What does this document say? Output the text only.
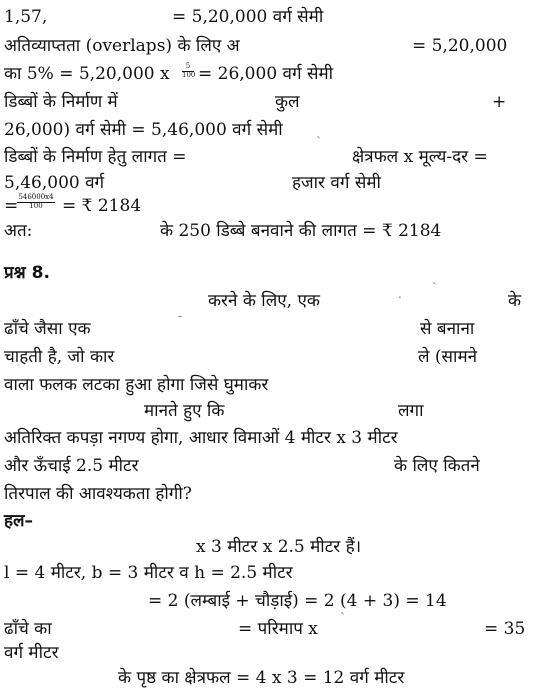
1,57,	= 5,20,000 वर्ग सेमी
अतिव्याप्तता (overlaps) के लिए अ	= 5,20,000
का 5% = 5,20,000 x $\frac{5}{100} = 26,000$ वर्ग सेमी
डिब्बों के निर्माण में	कुल	+
26,000) वर्ग सेमी = 5,46,000 वर्ग सेमी
डिब्बों के निर्माण हेतु लागत =
`
क्षेत्रफल x मूल्य-दर =
5,46,000 वर्ग	हजार वर्ग सेमी
=
$\frac{546000x4}{100}$ = ₹ 2184
अत:	के 250 डिब्बे बनवाने की लागत = ₹ 2184
प्रश्न 8.
करने के लिए, एक	.	`
के
-
ढाँचे जैसा एक	से बनाना
चाहती है, जो कार	ले (सामने
वाला फलक लटका हुआ होगा जिसे घुमाकर
मानते हुए कि	लगा
अतिरिक्त कपड़ा नगण्य होगा, आधार विमाओं 4 मीटर x 3 मीटर
और ऊँचाई 2.5 मीटर	के लिए कितने
तिरपाल की आवश्यकता होगी?
हल–
x 3 मीटर x 2.5 मीटर हैं।
l = 4 मीटर, b = 3 मीटर व h = 2.5 मीटर
= 2 (लम्बाई + चौड़ाई) = 2 (4 + 3) = 14
ढाँचे का	= परिमाप x
`
= 35
वर्ग मीटर
के पृष्ठ का क्षेत्रफल = 4 x 3 = 12 वर्ग मीटर
